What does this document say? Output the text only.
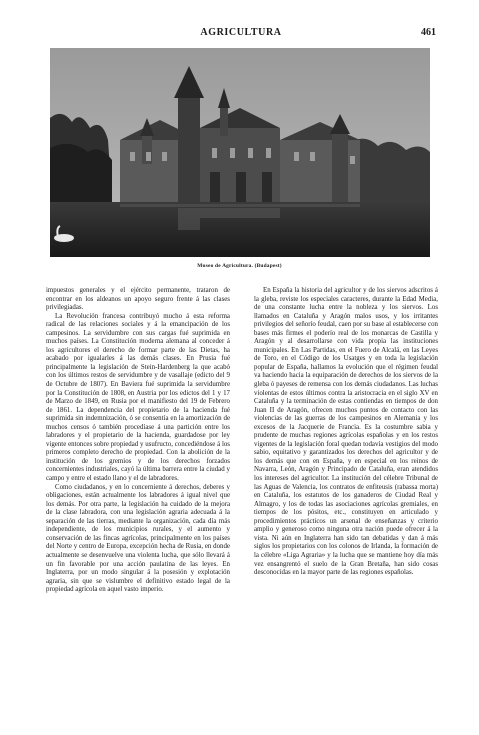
AGRICULTURA	461
Museo de Agricultura. (Budapest)

impuestos generales y el ejército permanente, trataron de encontrar en los aldeanos un apoyo seguro frente á las clases privilegiadas.

La Revolución francesa contribuyó mucho á esta reforma radical de las relaciones sociales y á la emancipación de los campesinos. La servidumbre con sus cargas fué suprimida en muchos países. La Constitución moderna alemana al conceder á los agricultores el derecho de formar parte de las Dietas, ha acabado por igualarles á las demás clases. En Prusia fué principalmente la legislación de Stein-Hardenberg la que acabó con los últimos restos de servidumbre y de vasallaje (edicto del 9 de Octubre de 1807). En Baviera fué suprimida la servidumbre por la Constitución de 1808, en Austria por los edictos del 1 y 17 de Marzo de 1849, en Rusia por el manifiesto del 19 de Febrero de 1861. La dependencia del propietario de la hacienda fué suprimida sin indemnización, ó se consentía en la amortización de muchos censos ó también procedíase á una partición entre los labradores y el propietario de la hacienda, guardadose por ley vigente entonces sobre propiedad y usufructo, concediéndose á los primeros completo derecho de propiedad. Con la abolición de la institución de los gremios y de los derechos forzados concernientes industriales, cayó la última barrera entre la ciudad y campo y entre el estado llano y el de labradores.

Como ciudadanos, y en lo concerniente á derechos, deberes y obligaciones, están actualmente los labradores á igual nivel que los demás. Por otra parte, la legislación ha cuidado de la mejora de la clase labradora, con una legislación agraria adecuada á la separación de las tierras, mediante la organización, cada día más independiente, de los municipios rurales, y el aumento y conservación de las fincas agrícolas, principalmente en los países del Norte y centro de Europa, excepción hecha de Rusia, en donde actualmente se desenvuelve una violenta lucha, que sólo llevará á un fin favorable por una acción paulatina de las leyes. En Inglaterra, por un modo singular á la posesión y explotación agraria, sin que se vislumbre el definitivo estado legal de la propiedad agrícola en aquel vasto imperio.

En España la historia del agricultor y de los siervos adscritos á la gleba, reviste los especiales caracteres, durante la Edad Media, de una constante lucha entre la nobleza y los siervos. Los llamados en Cataluña y Aragón malos usos, y los irritantes privilegios del señorío feudal, caen por su base al establecerse con bases más firmes el poderío real de los monarcas de Castilla y Aragón y al desarrollarse con vida propia las instituciones municipales. En Las Partidas, en el Fuero de Alcalá, en las Leyes de Toro, en el Código de los Usatges y en toda la legislación popular de España, hallamos la evolución que el régimen feudal va haciendo hacia la equiparación de derechos de los siervos de la gleba ó payeses de remensa con los demás ciudadanos. Las luchas violentas de estos últimos contra la aristocracia en el siglo XV en Cataluña y la terminación de estas contiendas en tiempos de don Juan II de Aragón, ofrecen muchos puntos de contacto con las violencias de las guerras de los campesinos en Alemania y los excesos de la Jacquerie de Francia. Es la costumbre sabia y prudente de muchas regiones agrícolas españolas y en los restos vigentes de la legislación foral quedan todavía vestigios del modo sabio, equitativo y garantizados los derechos del agricultor y de los demás que con en España, y en especial en los reinos de Navarra, León, Aragón y Principado de Cataluña, eran atendidos los intereses del agricultor. La institución del célebre Tribunal de las Aguas de Valencia, los contratos de enfiteusis (rabassa morta) en Cataluña, los estatutos de los ganaderos de Ciudad Real y Almagro, y los de todas las asociaciones agrícolas gremiales, en tiempos de los pósitos, etc., constituyen en articulado y procedimientos prácticos un arsenal de enseñanzas y criterio amplio y generoso como ninguna otra nación puede ofrecer á la vista. Ni aún en Inglaterra han sido tan debatidas y dan á más siglos los propietarios con los colonos de Irlanda, la formación de la célebre «Liga Agraria» y la lucha que se mantiene hoy día más vez ensangrentó el suelo de la Gran Bretaña, han sido cosas desconocidas en la mayor parte de las regiones españolas.
